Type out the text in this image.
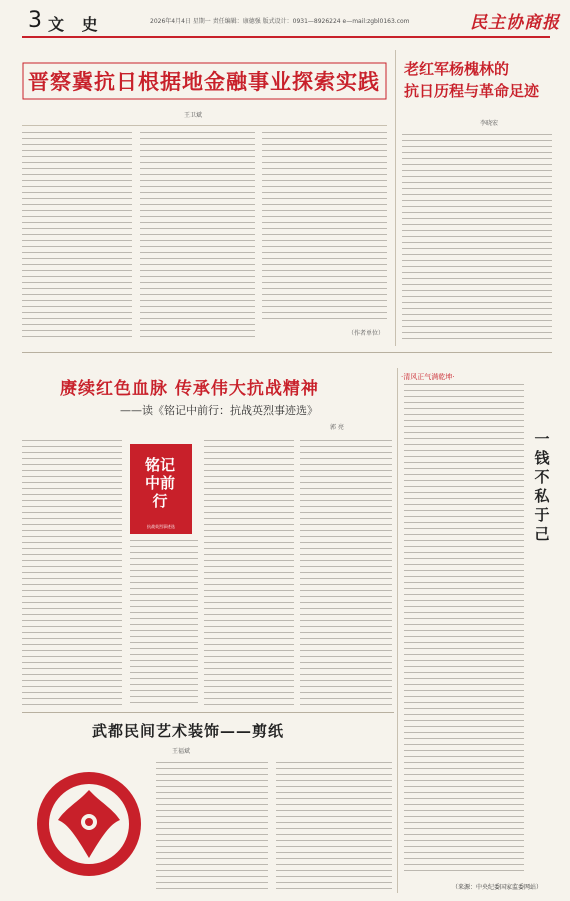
3 文 史	2026年4月4日 星期一 责任编辑：康德强 版式设计：0931—8926224 e—mail:zgbl0163.com	民主协商报
晋察冀抗日根据地金融事业探索实践
王卫斌
（作者单位）
老红军杨槐林的
抗日历程与革命足迹
李晓宏
赓续红色血脉 传承伟大抗战精神
——读《铭记中前行：抗战英烈事迹选》
郭 亮
铭记中前行
抗战英烈事迹选
·清风正气满乾坤·
一钱不私于己
武都民间艺术装饰——剪纸
王福斌
（来源：中央纪委国家监委网站）
